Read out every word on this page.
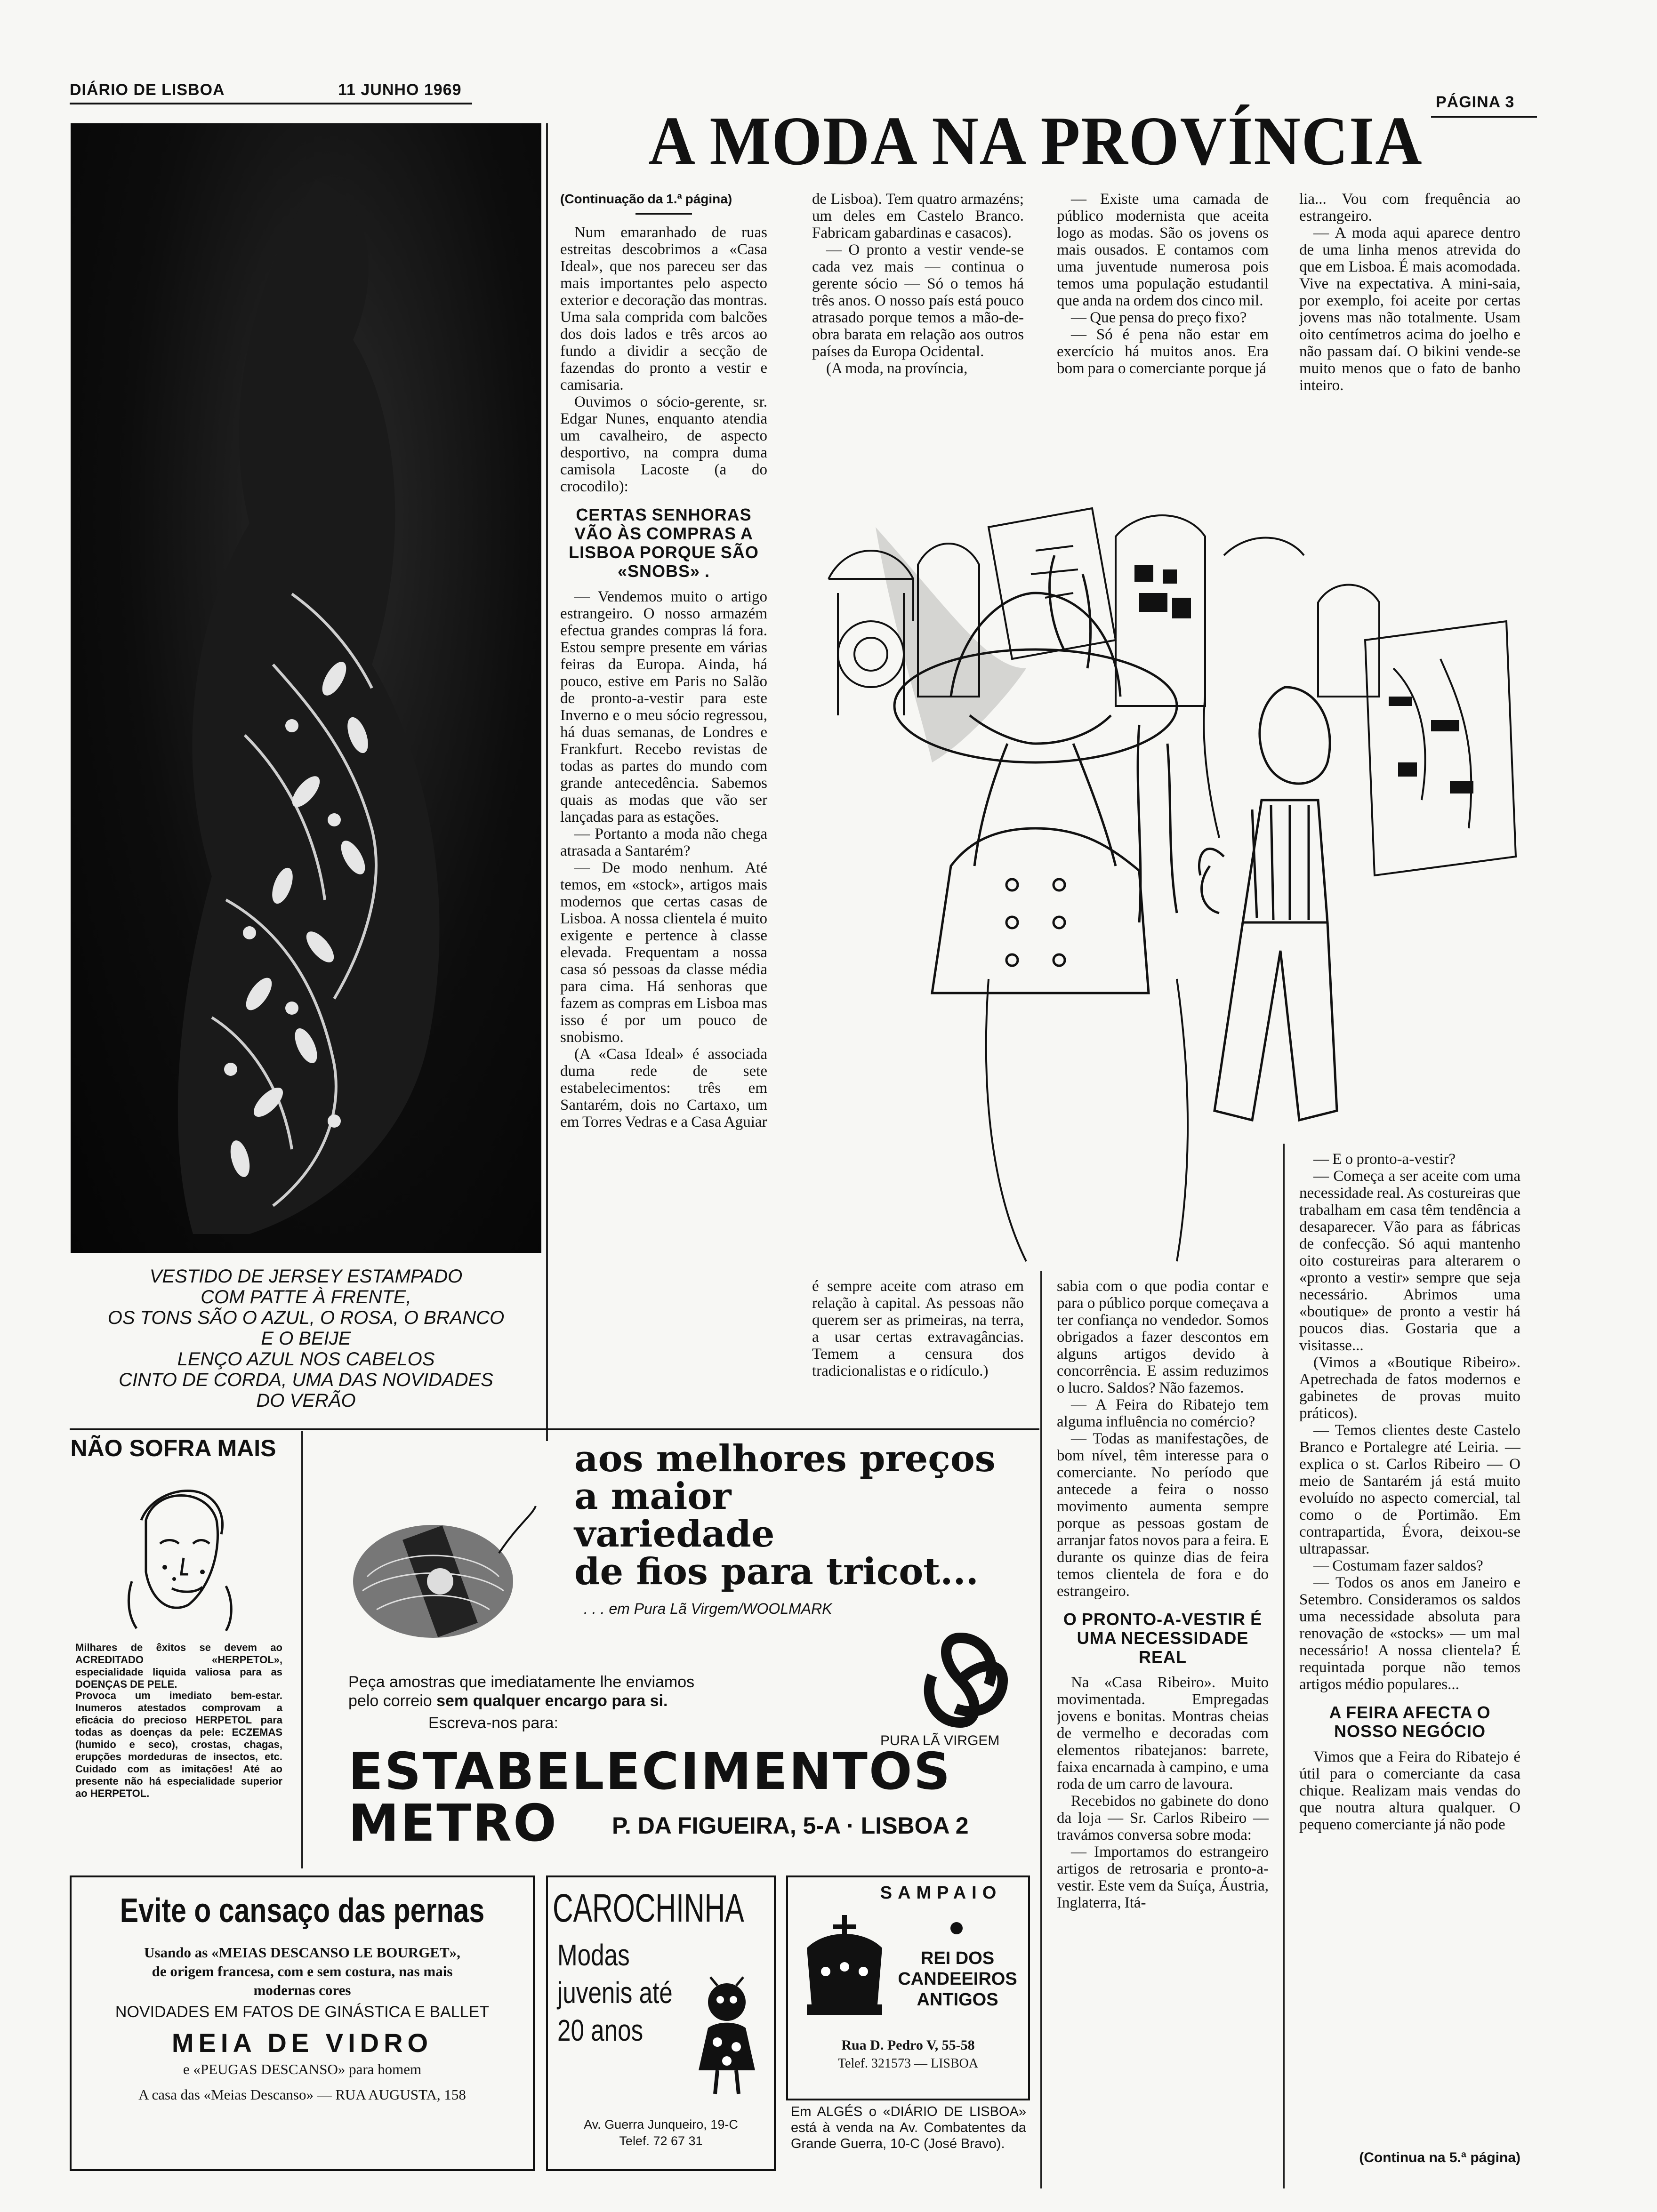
DIÁRIO DE LISBOA	11 JUNHO 1969
PÁGINA 3
A MODA NA PROVÍNCIA
VESTIDO DE JERSEY ESTAMPADO
COM PATTE À FRENTE,
OS TONS SÃO O AZUL, O ROSA, O BRANCO
E O BEIJE
LENÇO AZUL NOS CABELOS
CINTO DE CORDA, UMA DAS NOVIDADES
DO VERÃO
(Continuação da 1.ª página)

Num emaranhado de ruas estreitas descobrimos a «Casa Ideal», que nos pareceu ser das mais importantes pelo aspecto exterior e decoração das montras. Uma sala comprida com balcões dos dois lados e três arcos ao fundo a dividir a secção de fazendas do pronto a vestir e camisaria.

Ouvimos o sócio-gerente, sr. Edgar Nunes, enquanto atendia um cavalheiro, de aspecto desportivo, na compra duma camisola Lacoste (a do crocodilo):

CERTAS SENHORAS VÃO ÀS COMPRAS A LISBOA PORQUE SÃO «SNOBS» .

— Vendemos muito o artigo estrangeiro. O nosso armazém efectua grandes compras lá fora. Estou sempre presente em várias feiras da Europa. Ainda, há pouco, estive em Paris no Salão de pronto-a-vestir para este Inverno e o meu sócio regressou, há duas semanas, de Londres e Frankfurt. Recebo revistas de todas as partes do mundo com grande antecedência. Sabemos quais as modas que vão ser lançadas para as estações.

— Portanto a moda não chega atrasada a Santarém?

— De modo nenhum. Até temos, em «stock», artigos mais modernos que certas casas de Lisboa. A nossa clientela é muito exigente e pertence à classe elevada. Frequentam a nossa casa só pessoas da classe média para cima. Há senhoras que fazem as compras em Lisboa mas isso é por um pouco de snobismo.

(A «Casa Ideal» é associada duma rede de sete estabelecimentos: três em Santarém, dois no Cartaxo, um em Torres Vedras e a Casa Aguiar

de Lisboa). Tem quatro armazéns; um deles em Castelo Branco. Fabricam gabardinas e casacos).

— O pronto a vestir vende-se cada vez mais — continua o gerente sócio — Só o temos há três anos. O nosso país está pouco atrasado porque temos a mão-de-obra barata em relação aos outros países da Europa Ocidental.

(A moda, na província,

— Existe uma camada de público modernista que aceita logo as modas. São os jovens os mais ousados. E contamos com uma juventude numerosa pois temos uma população estudantil que anda na ordem dos cinco mil.

— Que pensa do preço fixo?

— Só é pena não estar em exercício há muitos anos. Era bom para o comerciante porque já

lia... Vou com frequência ao estrangeiro.

— A moda aqui aparece dentro de uma linha menos atrevida do que em Lisboa. É mais acomodada. Vive na expectativa. A mini-saia, por exemplo, foi aceite por certas jovens mas não totalmente. Usam oito centímetros acima do joelho e não passam daí. O bikini vende-se muito menos que o fato de banho inteiro.

é sempre aceite com atraso em relação à capital. As pessoas não querem ser as primeiras, na terra, a usar certas extravagâncias. Temem a censura dos tradicionalistas e o ridículo.)

sabia com o que podia contar e para o público porque começava a ter confiança no vendedor. Somos obrigados a fazer descontos em alguns artigos devido à concorrência. E assim reduzimos o lucro. Saldos? Não fazemos.

— A Feira do Ribatejo tem alguma influência no comércio?

— Todas as manifestações, de bom nível, têm interesse para o comerciante. No período que antecede a feira o nosso movimento aumenta sempre porque as pessoas gostam de arranjar fatos novos para a feira. E durante os quinze dias de feira temos clientela de fora e do estrangeiro.

O PRONTO-A-VESTIR É UMA NECESSIDADE REAL

Na «Casa Ribeiro». Muito movimentada. Empregadas jovens e bonitas. Montras cheias de vermelho e decoradas com elementos ribatejanos: barrete, faixa encarnada à campino, e uma roda de um carro de lavoura.

Recebidos no gabinete do dono da loja — Sr. Carlos Ribeiro — travámos conversa sobre moda:

— Importamos do estrangeiro artigos de retrosaria e pronto-a-vestir. Este vem da Suíça, Áustria, Inglaterra, Itá-

— E o pronto-a-vestir?

— Começa a ser aceite com uma necessidade real. As costureiras que trabalham em casa têm tendência a desaparecer. Vão para as fábricas de confecção. Só aqui mantenho oito costureiras para alterarem o «pronto a vestir» sempre que seja necessário. Abrimos uma «boutique» de pronto a vestir há poucos dias. Gostaria que a visitasse...

(Vimos a «Boutique Ribeiro». Apetrechada de fatos modernos e gabinetes de provas muito práticos).

— Temos clientes deste Castelo Branco e Portalegre até Leiria. — explica o st. Carlos Ribeiro — O meio de Santarém já está muito evoluído no aspecto comercial, tal como o de Portimão. Em contrapartida, Évora, deixou-se ultrapassar.

— Costumam fazer saldos?

— Todos os anos em Janeiro e Setembro. Consideramos os saldos uma necessidade absoluta para renovação de «stocks» — um mal necessário! A nossa clientela? É requintada porque não temos artigos médio populares...

A FEIRA AFECTA O NOSSO NEGÓCIO

Vimos que a Feira do Ribatejo é útil para o comerciante da casa chique. Realizam mais vendas do que noutra altura qualquer. O pequeno comerciante já não pode

(Continua na 5.ª página)
NÃO SOFRA MAIS
Milhares de êxitos se devem ao ACREDITADO «HERPETOL», especialidade liquida valiosa para as DOENÇAS DE PELE.
Provoca um imediato bem-estar. Inumeros atestados comprovam a eficácia do precioso HERPETOL para todas as doenças da pele: ECZEMAS (humido e seco), crostas, chagas, erupções mordeduras de insectos, etc. Cuidado com as imitações! Até ao presente não há especialidade superior ao HERPETOL.
aos melhores preços
a maior
variedade
de fios para tricot...
. . . em Pura Lã Virgem/WOOLMARK
Peça amostras que imediatamente lhe enviamos
pelo correio sem qualquer encargo para si.
Escreva-nos para:
PURA LÃ VIRGEM
ESTABELECIMENTOS
METRO P. DA FIGUEIRA, 5-A · LISBOA 2
Evite o cansaço das pernas
Usando as «MEIAS DESCANSO LE BOURGET»,
de origem francesa, com e sem costura, nas mais
modernas cores
NOVIDADES EM FATOS DE GINÁSTICA E BALLET
MEIA DE VIDRO
e «PEUGAS DESCANSO» para homem
A casa das «Meias Descanso» — RUA AUGUSTA, 158
CAROCHINHA
Modas
juvenis até
20 anos
Av. Guerra Junqueiro, 19-C
Telef. 72 67 31
SAMPAIO
REI DOS
CANDEEIROS
ANTIGOS
Rua D. Pedro V, 55-58
Telef. 321573 — LISBOA
Em ALGÉS o «DIÁRIO DE LISBOA» está à venda na Av. Combatentes da Grande Guerra, 10-C (José Bravo).
